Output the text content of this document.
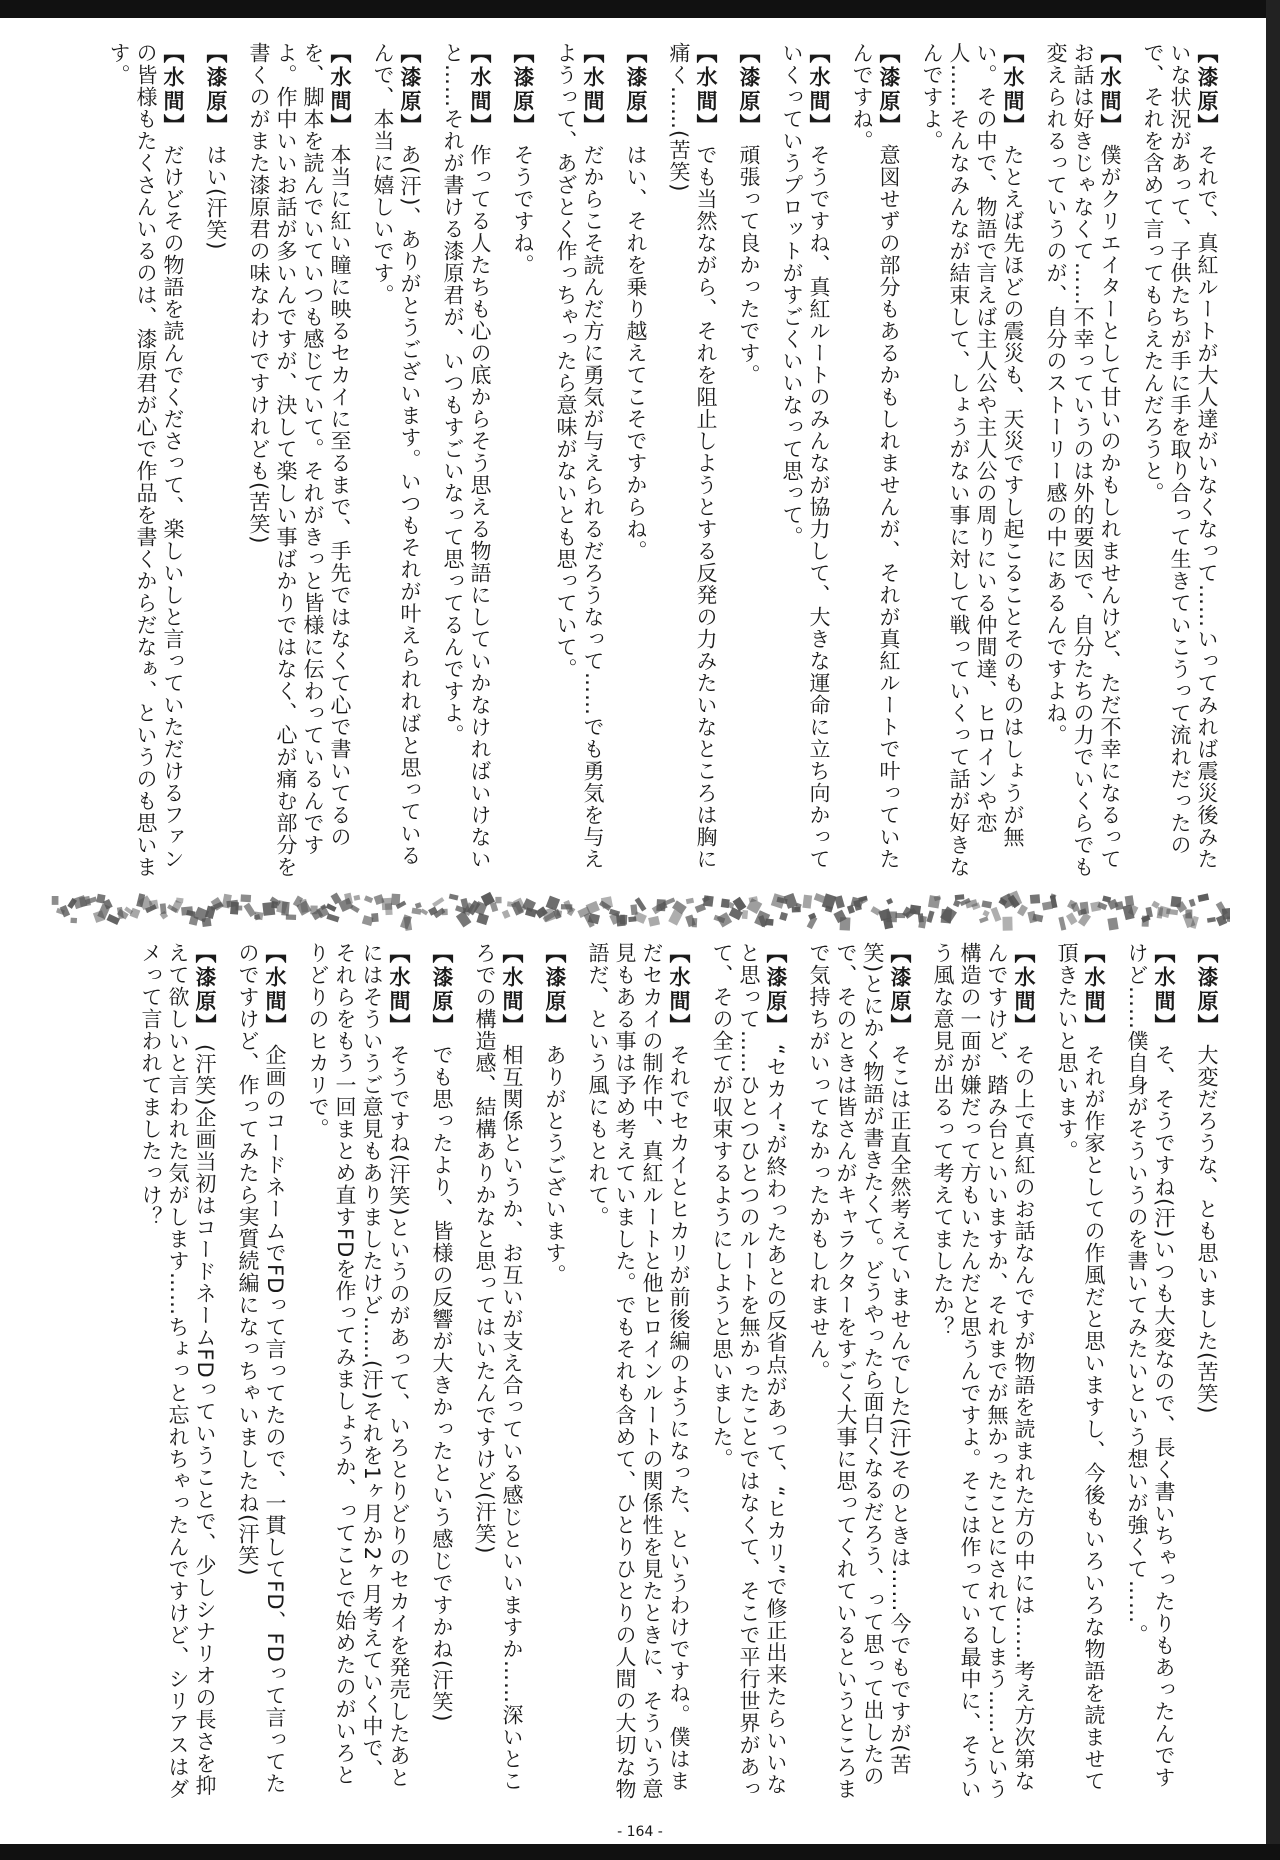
【漆原】それで、真紅ルートが大人達がいなくなって……いってみれば震災後みたいな状況があって、子供たちが手に手を取り合って生きていこうって流れだったので、それを含めて言ってもらえたんだろうと。
【水間】僕がクリエイターとして甘いのかもしれませんけど、ただ不幸になるってお話は好きじゃなくて……不幸っていうのは外的要因で、自分たちの力でいくらでも変えられるっていうのが、自分のストーリー感の中にあるんですよね。
【水間】たとえば先ほどの震災も、天災ですし起こることそのものはしょうが無い。その中で、物語で言えば主人公や主人公の周りにいる仲間達、ヒロインや恋人……そんなみんなが結束して、しょうがない事に対して戦っていくって話が好きなんですよ。
【漆原】意図せずの部分もあるかもしれませんが、それが真紅ルートで叶っていたんですね。
【水間】そうですね、真紅ルートのみんなが協力して、大きな運命に立ち向かっていくっていうプロットがすごくいいなって思って。
【漆原】頑張って良かったです。
【水間】でも当然ながら、それを阻止しようとする反発の力みたいなところは胸に痛く……(苦笑)
【漆原】はい、それを乗り越えてこそですからね。
【水間】だからこそ読んだ方に勇気が与えられるだろうなって……でも勇気を与えようって、あざとく作っちゃったら意味がないとも思っていて。
【漆原】そうですね。
【水間】作ってる人たちも心の底からそう思える物語にしていかなければいけないと……それが書ける漆原君が、いつもすごいなって思ってるんですよ。
【漆原】あ(汗)、ありがとうございます。いつもそれが叶えられればと思っているんで、本当に嬉しいです。
【水間】本当に紅い瞳に映るセカイに至るまで、手先ではなくて心で書いてるのを、脚本を読んでいていつも感じていて。それがきっと皆様に伝わっているんですよ。作中いいお話が多いんですが、決して楽しい事ばかりではなく、心が痛む部分を書くのがまた漆原君の味なわけですけれども(苦笑)
【漆原】はい(汗笑)
【水間】だけどその物語を読んでくださって、楽しいしと言っていただけるファンの皆様もたくさんいるのは、漆原君が心で作品を書くからだなぁ、というのも思います。
【漆原】大変だろうな、とも思いました(苦笑)
【水間】そ、そうですね(汗)いつも大変なので、長く書いちゃったりもあったんですけど……僕自身がそういうのを書いてみたいという想いが強くて……。
【水間】それが作家としての作風だと思いますし、今後もいろいろな物語を読ませて頂きたいと思います。
【水間】その上で真紅のお話なんですが物語を読まれた方の中には……考え方次第なんですけど、踏み台といいますか、それまでが無かったことにされてしまう……という構造の一面が嫌だって方もいたんだと思うんですよ。そこは作っている最中に、そういう風な意見が出るって考えてましたか？
【漆原】そこは正直全然考えていませんでした(汗)そのときは……今でもですが(苦笑)とにかく物語が書きたくて。どうやったら面白くなるだろう、って思って出したので、そのときは皆さんがキャラクターをすごく大事に思ってくれているというところまで気持ちがいってなかったかもしれません。
【漆原】“セカイ”が終わったあとの反省点があって、“ヒカリ”で修正出来たらいいなと思って……ひとつひとつのルートを無かったことではなくて、そこで平行世界があって、その全てが収束するようにしようと思いました。
【水間】それでセカイとヒカリが前後編のようになった、というわけですね。僕はまだセカイの制作中、真紅ルートと他ヒロインルートの関係性を見たときに、そういう意見もある事は予め考えていました。でもそれも含めて、ひとりひとりの人間の大切な物語だ、という風にもとれて。
【漆原】ありがとうございます。
【水間】相互関係というか、お互いが支え合っている感じといいますか……深いところでの構造感、結構ありかなと思ってはいたんですけど(汗笑)
【漆原】でも思ったより、皆様の反響が大きかったという感じですかね(汗笑)
【水間】そうですね(汗笑)というのがあって、いろとりどりのセカイを発売したあとにはそういうご意見もありましたけど……(汗)それを1ヶ月か2ヶ月考えていく中で、それらをもう一回まとめ直すFDを作ってみましょうか、ってことで始めたのがいろとりどりのヒカリで。
【水間】企画のコードネームでFDって言ってたので、一貫してFD、FDって言ってたのですけど、作ってみたら実質続編になっちゃいましたね(汗笑)
【漆原】(汗笑)企画当初はコードネームFDっていうことで、少しシナリオの長さを抑えて欲しいと言われた気がします……ちょっと忘れちゃったんですけど、シリアスはダメって言われてましたっけ？
- 164 -
